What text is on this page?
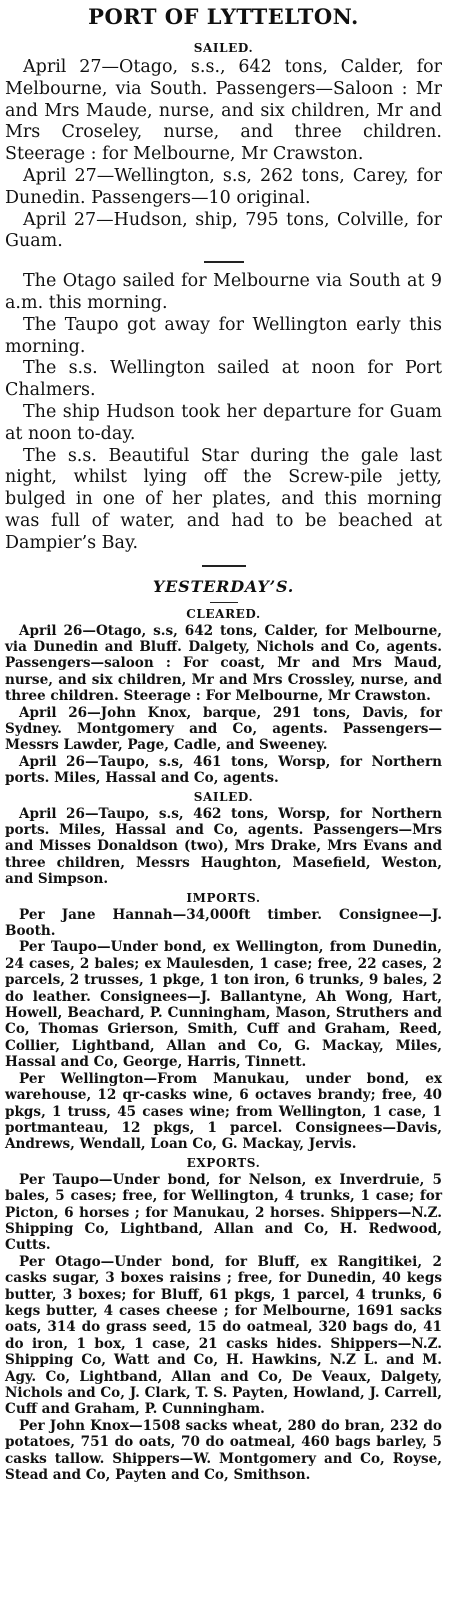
PORT OF LYTTELTON.
SAILED.

April 27—Otago, s.s., 642 tons, Calder, for Melbourne, via South. Passengers—Saloon : Mr and Mrs Maude, nurse, and six children, Mr and Mrs Croseley, nurse, and three children. Steerage : for Melbourne, Mr Crawston.

April 27—Wellington, s.s, 262 tons, Carey, for Dunedin. Passengers—10 original.

April 27—Hudson, ship, 795 tons, Colville, for Guam.

The Otago sailed for Melbourne via South at 9 a.m. this morning.

The Taupo got away for Wellington early this morning.

The s.s. Wellington sailed at noon for Port Chalmers.

The ship Hudson took her departure for Guam at noon to-day.

The s.s. Beautiful Star during the gale last night, whilst lying off the Screw-pile jetty, bulged in one of her plates, and this morning was full of water, and had to be beached at Dampier’s Bay.

YESTERDAY’S.
CLEARED.

April 26—Otago, s.s, 642 tons, Calder, for Melbourne, via Dunedin and Bluff. Dalgety, Nichols and Co, agents. Passengers—saloon : For coast, Mr and Mrs Maud, nurse, and six children, Mr and Mrs Crossley, nurse, and three children. Steerage : For Melbourne, Mr Crawston.

April 26—John Knox, barque, 291 tons, Davis, for Sydney. Montgomery and Co, agents. Passengers—Messrs Lawder, Page, Cadle, and Sweeney.

April 26—Taupo, s.s, 461 tons, Worsp, for Northern ports. Miles, Hassal and Co, agents.

SAILED.

April 26—Taupo, s.s, 462 tons, Worsp, for Northern ports. Miles, Hassal and Co, agents. Passengers—Mrs and Misses Donaldson (two), Mrs Drake, Mrs Evans and three children, Messrs Haughton, Masefield, Weston, and Simpson.

IMPORTS.

Per Jane Hannah—34,000ft timber. Consignee—J. Booth.

Per Taupo—Under bond, ex Wellington, from Dunedin, 24 cases, 2 bales; ex Maulesden, 1 case; free, 22 cases, 2 parcels, 2 trusses, 1 pkge, 1 ton iron, 6 trunks, 9 bales, 2 do leather. Consignees—J. Ballantyne, Ah Wong, Hart, Howell, Beachard, P. Cunningham, Mason, Struthers and Co, Thomas Grierson, Smith, Cuff and Graham, Reed, Collier, Lightband, Allan and Co, G. Mackay, Miles, Hassal and Co, George, Harris, Tinnett.

Per Wellington—From Manukau, under bond, ex warehouse, 12 qr-casks wine, 6 octaves brandy; free, 40 pkgs, 1 truss, 45 cases wine; from Wellington, 1 case, 1 portmanteau, 12 pkgs, 1 parcel. Consignees—Davis, Andrews, Wendall, Loan Co, G. Mackay, Jervis.

EXPORTS.

Per Taupo—Under bond, for Nelson, ex Inverdruie, 5 bales, 5 cases; free, for Wellington, 4 trunks, 1 case; for Picton, 6 horses ; for Manukau, 2 horses. Shippers—N.Z. Shipping Co, Lightband, Allan and Co, H. Redwood, Cutts.

Per Otago—Under bond, for Bluff, ex Rangitikei, 2 casks sugar, 3 boxes raisins ; free, for Dunedin, 40 kegs butter, 3 boxes; for Bluff, 61 pkgs, 1 parcel, 4 trunks, 6 kegs butter, 4 cases cheese ; for Melbourne, 1691 sacks oats, 314 do grass seed, 15 do oatmeal, 320 bags do, 41 do iron, 1 box, 1 case, 21 casks hides. Shippers—N.Z. Shipping Co, Watt and Co, H. Hawkins, N.Z L. and M. Agy. Co, Lightband, Allan and Co, De Veaux, Dalgety, Nichols and Co, J. Clark, T. S. Payten, Howland, J. Carrell, Cuff and Graham, P. Cunningham.

Per John Knox—1508 sacks wheat, 280 do bran, 232 do potatoes, 751 do oats, 70 do oatmeal, 460 bags barley, 5 casks tallow. Shippers—W. Montgomery and Co, Royse, Stead and Co, Payten and Co, Smithson.
